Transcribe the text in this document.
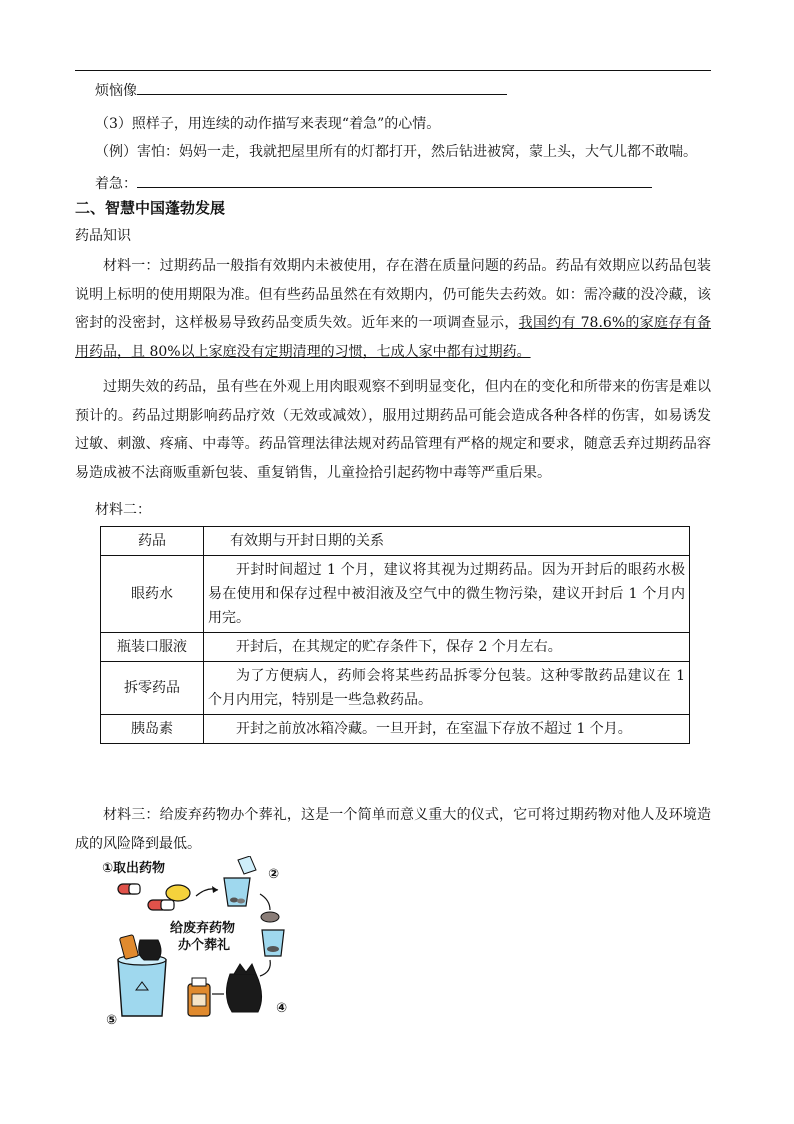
烦恼像
（3）照样子，用连续的动作描写来表现“着急”的心情。
（例）害怕：妈妈一走，我就把屋里所有的灯都打开，然后钻进被窝，蒙上头，大气儿都不敢喘。
着急：
二、智慧中国蓬勃发展
药品知识
材料一：过期药品一般指有效期内未被使用，存在潜在质量问题的药品。药品有效期应以药品包装说明上标明的使用期限为准。但有些药品虽然在有效期内，仍可能失去药效。如：需冷藏的没冷藏，该密封的没密封，这样极易导致药品变质失效。近年来的一项调查显示，我国约有 78.6%的家庭存有备用药品，且 80%以上家庭没有定期清理的习惯，七成人家中都有过期药。
过期失效的药品，虽有些在外观上用肉眼观察不到明显变化，但内在的变化和所带来的伤害是难以预计的。药品过期影响药品疗效（无效或减效），服用过期药品可能会造成各种各样的伤害，如易诱发过敏、刺激、疼痛、中毒等。药品管理法律法规对药品管理有严格的规定和要求，随意丢弃过期药品容易造成被不法商贩重新包装、重复销售，儿童捡拾引起药物中毒等严重后果。
材料二：
药品	有效期与开封日期的关系
眼药水	开封时间超过 1 个月，建议将其视为过期药品。因为开封后的眼药水极易在使用和保存过程中被泪液及空气中的微生物污染，建议开封后 1 个月内用完。
瓶装口服液	开封后，在其规定的贮存条件下，保存 2 个月左右。
拆零药品	为了方便病人，药师会将某些药品拆零分包装。这种零散药品建议在 1 个月内用完，特别是一些急救药品。
胰岛素	开封之前放冰箱冷藏。一旦开封，在室温下存放不超过 1 个月。
材料三：给废弃药物办个葬礼，这是一个简单而意义重大的仪式，它可将过期药物对他人及环境造成的风险降到最低。
①取出药物	②
④
⑤
给废弃药物
办个葬礼
